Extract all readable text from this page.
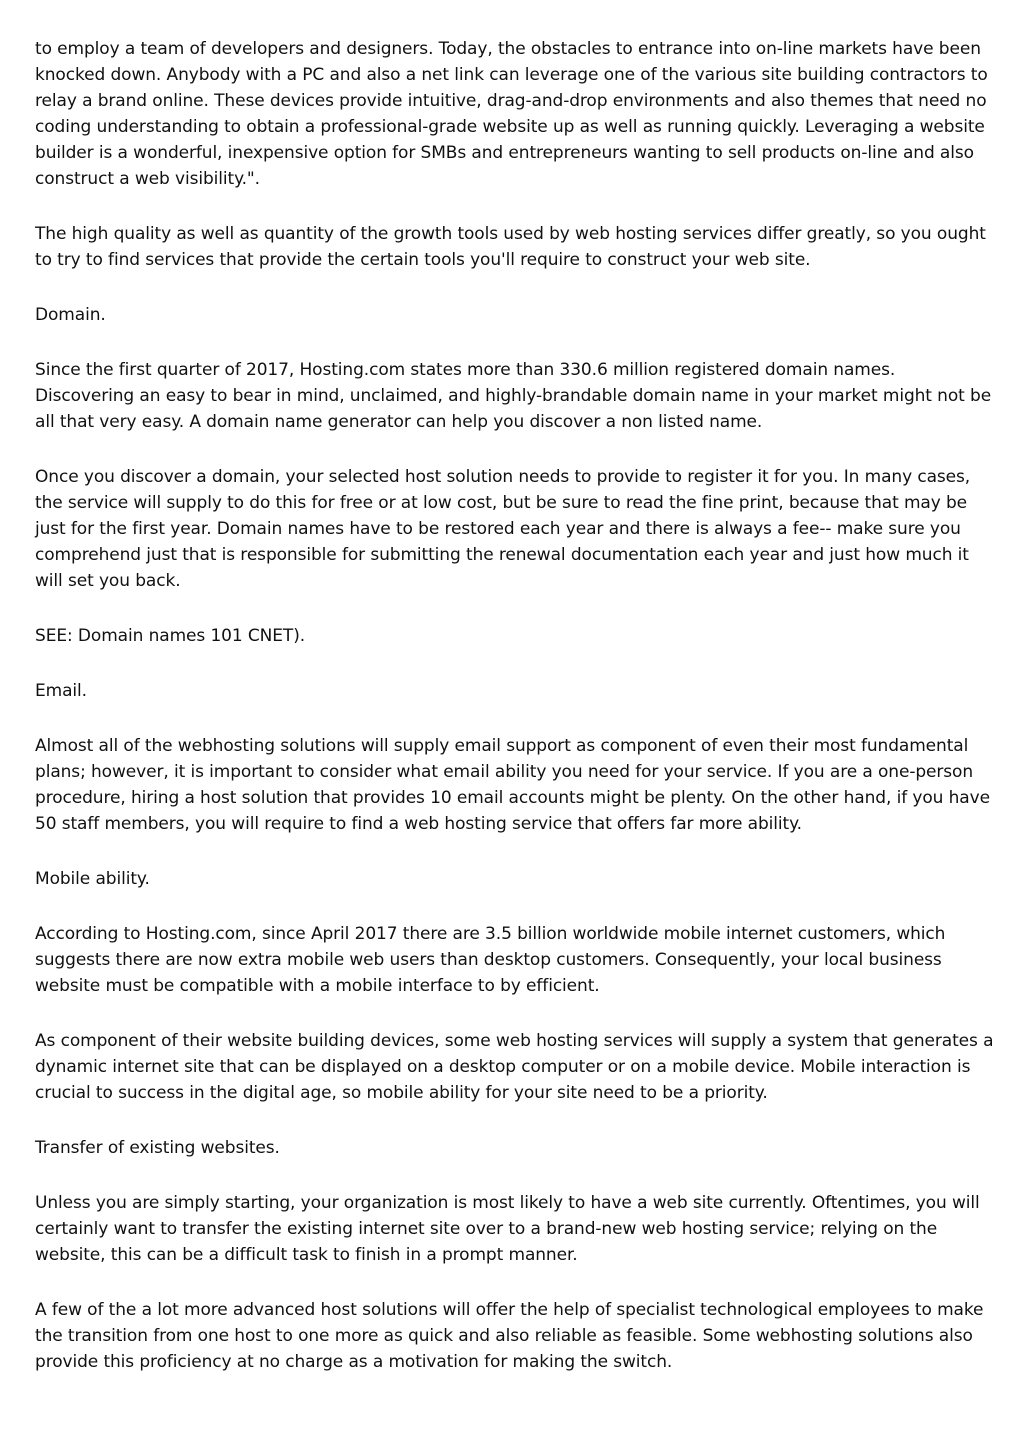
to employ a team of developers and designers. Today, the obstacles to entrance into on-line markets have been knocked down. Anybody with a PC and also a net link can leverage one of the various site building contractors to relay a brand online. These devices provide intuitive, drag-and-drop environments and also themes that need no coding understanding to obtain a professional-grade website up as well as running quickly. Leveraging a website builder is a wonderful, inexpensive option for SMBs and entrepreneurs wanting to sell products on-line and also construct a web visibility.".

The high quality as well as quantity of the growth tools used by web hosting services differ greatly, so you ought to try to find services that provide the certain tools you'll require to construct your web site.

Domain.

Since the first quarter of 2017, Hosting.com states more than 330.6 million registered domain names. Discovering an easy to bear in mind, unclaimed, and highly-brandable domain name in your market might not be all that very easy. A domain name generator can help you discover a non listed name.

Once you discover a domain, your selected host solution needs to provide to register it for you. In many cases, the service will supply to do this for free or at low cost, but be sure to read the fine print, because that may be just for the first year. Domain names have to be restored each year and there is always a fee-- make sure you comprehend just that is responsible for submitting the renewal documentation each year and just how much it will set you back.

SEE: Domain names 101 CNET).

Email.

Almost all of the webhosting solutions will supply email support as component of even their most fundamental plans; however, it is important to consider what email ability you need for your service. If you are a one-person procedure, hiring a host solution that provides 10 email accounts might be plenty. On the other hand, if you have 50 staff members, you will require to find a web hosting service that offers far more ability.

Mobile ability.

According to Hosting.com, since April 2017 there are 3.5 billion worldwide mobile internet customers, which suggests there are now extra mobile web users than desktop customers. Consequently, your local business website must be compatible with a mobile interface to by efficient.

As component of their website building devices, some web hosting services will supply a system that generates a dynamic internet site that can be displayed on a desktop computer or on a mobile device. Mobile interaction is crucial to success in the digital age, so mobile ability for your site need to be a priority.

Transfer of existing websites.

Unless you are simply starting, your organization is most likely to have a web site currently. Oftentimes, you will certainly want to transfer the existing internet site over to a brand-new web hosting service; relying on the website, this can be a difficult task to finish in a prompt manner.

A few of the a lot more advanced host solutions will offer the help of specialist technological employees to make the transition from one host to one more as quick and also reliable as feasible. Some webhosting solutions also provide this proficiency at no charge as a motivation for making the switch.
